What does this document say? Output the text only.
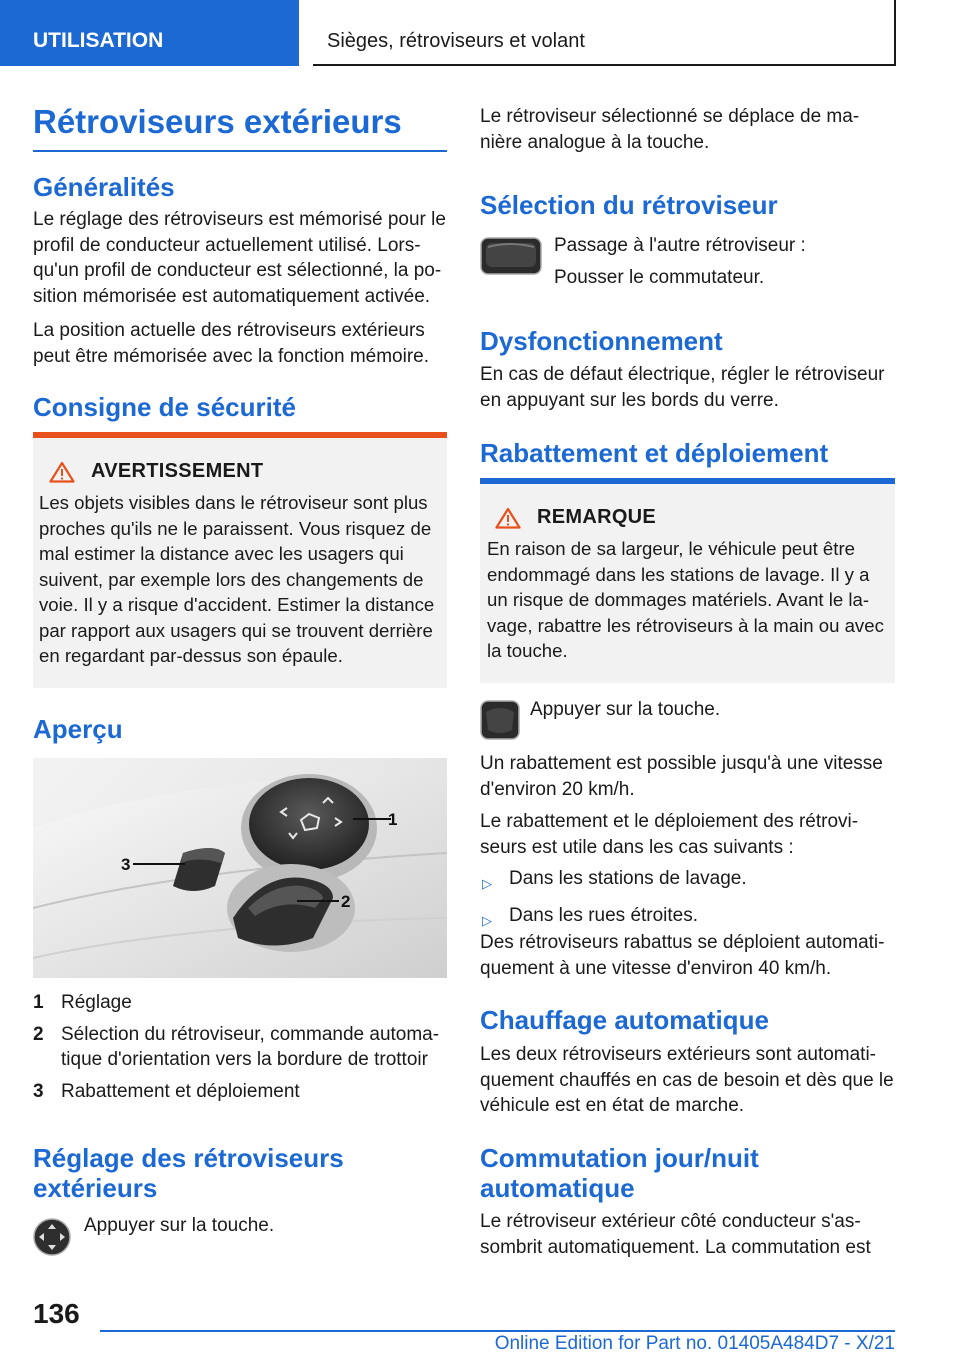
UTILISATION	Sièges, rétroviseurs et volant
Rétroviseurs extérieurs
Généralités

Le réglage des rétroviseurs est mémorisé pour le profil de conducteur actuellement utilisé. Lors-qu'un profil de conducteur est sélectionné, la po-sition mémorisée est automatiquement activée.

La position actuelle des rétroviseurs extérieurs peut être mémorisée avec la fonction mémoire.

Consigne de sécurité
AVERTISSEMENT

Les objets visibles dans le rétroviseur sont plus proches qu'ils ne le paraissent. Vous risquez de mal estimer la distance avec les usagers qui suivent, par exemple lors des changements de voie. Il y a risque d'accident. Estimer la distance par rapport aux usagers qui se trouvent derrière en regardant par-dessus son épaule.

Aperçu
1
2
3
1 Réglage
2 Sélection du rétroviseur, commande automa-tique d'orientation vers la bordure de trottoir
3 Rabattement et déploiement
Réglage des rétroviseurs extérieurs

Appuyer sur la touche.

Le rétroviseur sélectionné se déplace de ma-nière analogue à la touche.

Sélection du rétroviseur

Passage à l'autre rétroviseur :

Pousser le commutateur.

Dysfonctionnement

En cas de défaut électrique, régler le rétroviseur en appuyant sur les bords du verre.

Rabattement et déploiement
REMARQUE

En raison de sa largeur, le véhicule peut être endommagé dans les stations de lavage. Il y a un risque de dommages matériels. Avant le la-vage, rabattre les rétroviseurs à la main ou avec la touche.

Appuyer sur la touche.

Un rabattement est possible jusqu'à une vitesse d'environ 20 km/h.

Le rabattement et le déploiement des rétrovi-seurs est utile dans les cas suivants :

▷ Dans les stations de lavage.
▷ Dans les rues étroites.

Des rétroviseurs rabattus se déploient automati-quement à une vitesse d'environ 40 km/h.

Chauffage automatique

Les deux rétroviseurs extérieurs sont automati-quement chauffés en cas de besoin et dès que le véhicule est en état de marche.

Commutation jour/nuit automatique

Le rétroviseur extérieur côté conducteur s'as-sombrit automatiquement. La commutation est

136
Online Edition for Part no. 01405A484D7 - X/21
